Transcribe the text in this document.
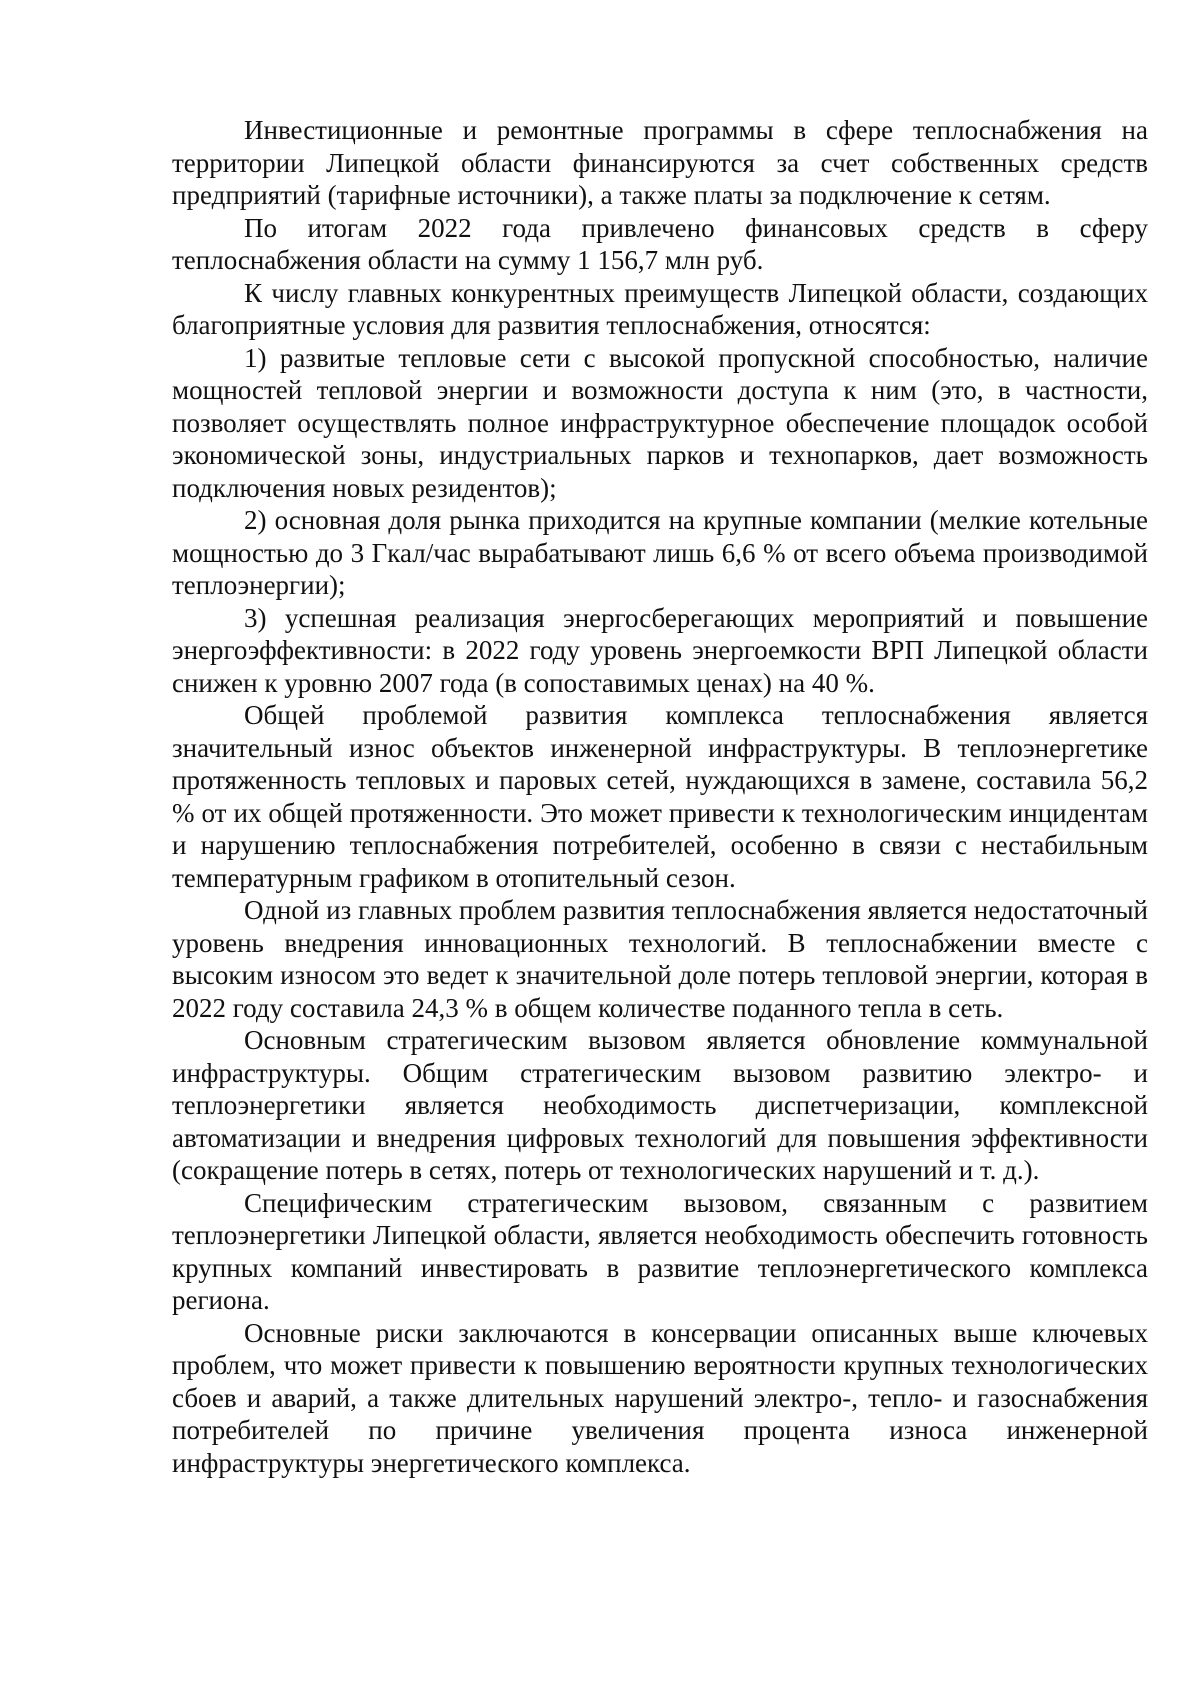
Инвестиционные и ремонтные программы в сфере теплоснабжения на территории Липецкой области финансируются за счет собственных средств предприятий (тарифные источники), а также платы за подключение к сетям.

По итогам 2022 года привлечено финансовых средств в сферу теплоснабжения области на сумму 1 156,7 млн руб.

К числу главных конкурентных преимуществ Липецкой области, создающих благоприятные условия для развития теплоснабжения, относятся:

1) развитые тепловые сети с высокой пропускной способностью, наличие мощностей тепловой энергии и возможности доступа к ним (это, в частности, позволяет осуществлять полное инфраструктурное обеспечение площадок особой экономической зоны, индустриальных парков и технопарков, дает возможность подключения новых резидентов);

2) основная доля рынка приходится на крупные компании (мелкие котельные мощностью до 3 Гкал/час вырабатывают лишь 6,6 % от всего объема производимой теплоэнергии);

3) успешная реализация энергосберегающих мероприятий и повышение энергоэффективности: в 2022 году уровень энергоемкости ВРП Липецкой области снижен к уровню 2007 года (в сопоставимых ценах) на 40 %.

Общей проблемой развития комплекса теплоснабжения является значительный износ объектов инженерной инфраструктуры. В теплоэнергетике протяженность тепловых и паровых сетей, нуждающихся в замене, составила 56,2 % от их общей протяженности. Это может привести к технологическим инцидентам и нарушению теплоснабжения потребителей, особенно в связи с нестабильным температурным графиком в отопительный сезон.

Одной из главных проблем развития теплоснабжения является недостаточный уровень внедрения инновационных технологий. В теплоснабжении вместе с высоким износом это ведет к значительной доле потерь тепловой энергии, которая в 2022 году составила 24,3 % в общем количестве поданного тепла в сеть.

Основным стратегическим вызовом является обновление коммунальной инфраструктуры. Общим стратегическим вызовом развитию электро- и теплоэнергетики является необходимость диспетчеризации, комплексной автоматизации и внедрения цифровых технологий для повышения эффективности (сокращение потерь в сетях, потерь от технологических нарушений и т. д.).

Специфическим стратегическим вызовом, связанным с развитием теплоэнергетики Липецкой области, является необходимость обеспечить готовность крупных компаний инвестировать в развитие теплоэнергетического комплекса региона.

Основные риски заключаются в консервации описанных выше ключевых проблем, что может привести к повышению вероятности крупных технологических сбоев и аварий, а также длительных нарушений электро-, тепло- и газоснабжения потребителей по причине увеличения процента износа инженерной инфраструктуры энергетического комплекса.
